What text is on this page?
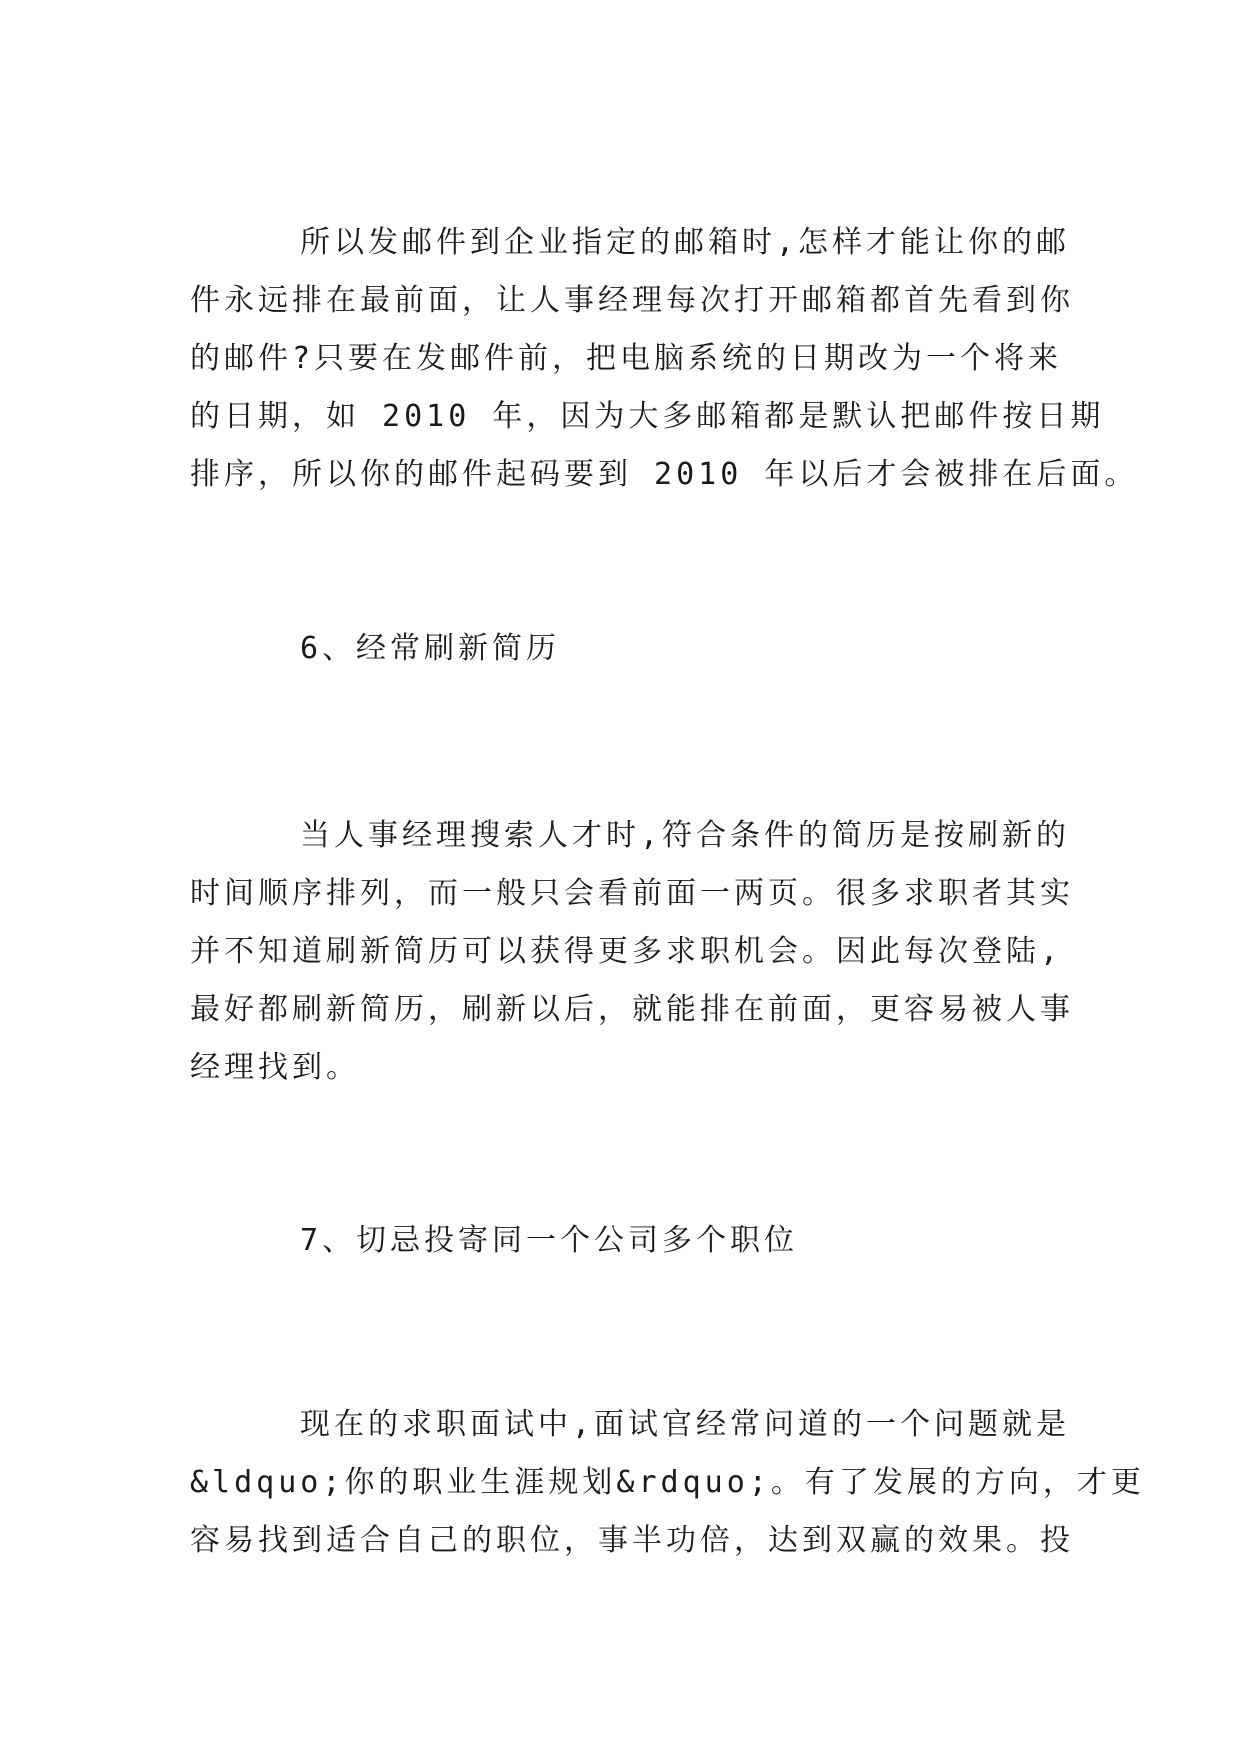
所以发邮件到企业指定的邮箱时,怎样才能让你的邮
件永远排在最前面，让人事经理每次打开邮箱都首先看到你
的邮件?只要在发邮件前，把电脑系统的日期改为一个将来
的日期，如 2010 年，因为大多邮箱都是默认把邮件按日期
排序，所以你的邮件起码要到 2010 年以后才会被排在后面。
6、经常刷新简历
当人事经理搜索人才时,符合条件的简历是按刷新的
时间顺序排列，而一般只会看前面一两页。很多求职者其实
并不知道刷新简历可以获得更多求职机会。因此每次登陆,
最好都刷新简历，刷新以后，就能排在前面，更容易被人事
经理找到。
7、切忌投寄同一个公司多个职位
现在的求职面试中,面试官经常问道的一个问题就是
&ldquo;你的职业生涯规划&rdquo;。有了发展的方向，才更
容易找到适合自己的职位，事半功倍，达到双赢的效果。投
